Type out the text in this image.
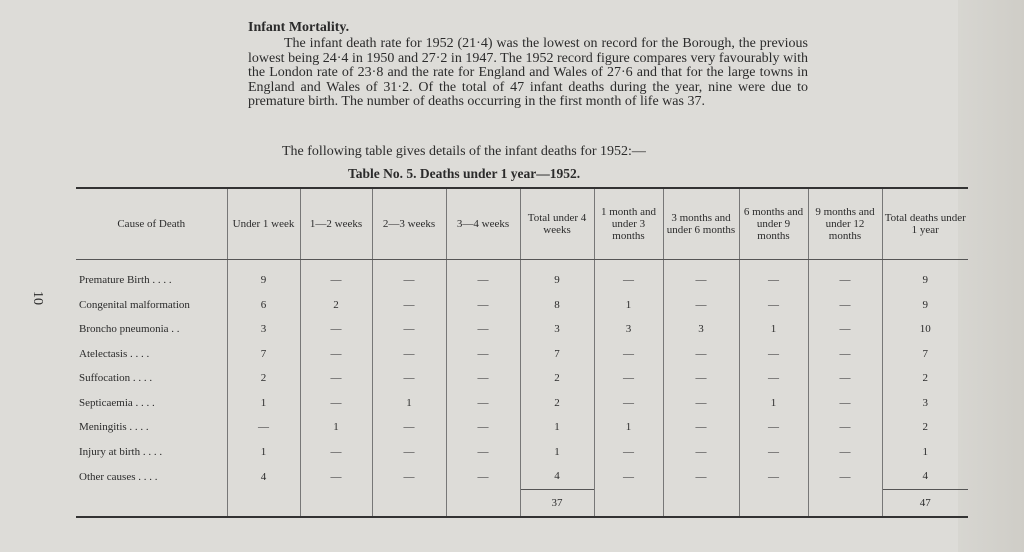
10
Infant Mortality.
The infant death rate for 1952 (21·4) was the lowest on record for the Borough, the previous lowest being 24·4 in 1950 and 27·2 in 1947. The 1952 record figure compares very favourably with the London rate of 23·8 and the rate for England and Wales of 27·6 and that for the large towns in England and Wales of 31·2. Of the total of 47 infant deaths during the year, nine were due to premature birth. The number of deaths occurring in the first month of life was 37.
The following table gives details of the infant deaths for 1952:—
Table No. 5. Deaths under 1 year—1952.
Cause of Death	Under 1 week	1—2 weeks	2—3 weeks	3—4 weeks	Total under 4 weeks	1 month and under 3 months	3 months and under 6 months	6 months and under 9 months	9 months and under 12 months	Total deaths under 1 year

Premature Birth . . . .	9	—	—	—	9	—	—	—	—	9
Congenital malformation	6	2	—	—	8	1	—	—	—	9
Broncho pneumonia . .	3	—	—	—	3	3	3	1	—	10
Atelectasis . . . .	7	—	—	—	7	—	—	—	—	7
Suffocation . . . .	2	—	—	—	2	—	—	—	—	2
Septicaemia . . . .	1	—	1	—	2	—	—	1	—	3
Meningitis . . . .	—	1	—	—	1	1	—	—	—	2
Injury at birth . . . .	1	—	—	—	1	—	—	—	—	1
Other causes . . . .	4	—	—	—	4	—	—	—	—	4
					37					47
